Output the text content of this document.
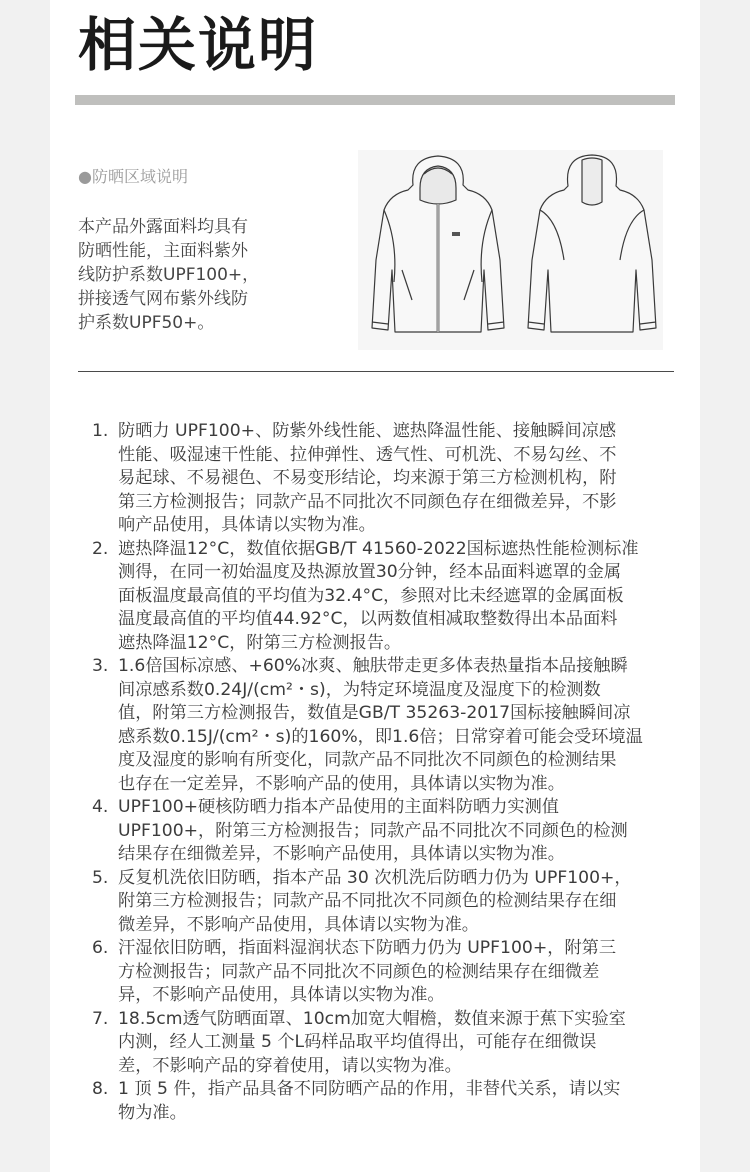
相关说明
●防晒区域说明
本产品外露面料均具有
防晒性能，主面料紫外
线防护系数UPF100+，
拼接透气网布紫外线防
护系数UPF50+。
1. 防晒力 UPF100+、防紫外线性能、遮热降温性能、接触瞬间凉感
性能、吸湿速干性能、拉伸弹性、透气性、可机洗、不易勾丝、不
易起球、不易褪色、不易变形结论，均来源于第三方检测机构，附
第三方检测报告；同款产品不同批次不同颜色存在细微差异，不影
响产品使用，具体请以实物为准。
2. 遮热降温12°C，数值依据GB/T 41560-2022国标遮热性能检测标准
测得，在同一初始温度及热源放置30分钟，经本品面料遮罩的金属
面板温度最高值的平均值为32.4°C，参照对比未经遮罩的金属面板
温度最高值的平均值44.92°C，以两数值相减取整数得出本品面料
遮热降温12°C，附第三方检测报告。
3. 1.6倍国标凉感、+60%冰爽、触肤带走更多体表热量指本品接触瞬
间凉感系数0.24J/(cm²・s)，为特定环境温度及湿度下的检测数
值，附第三方检测报告，数值是GB/T 35263-2017国标接触瞬间凉
感系数0.15J/(cm²・s)的160%，即1.6倍；日常穿着可能会受环境温
度及湿度的影响有所变化，同款产品不同批次不同颜色的检测结果
也存在一定差异，不影响产品的使用，具体请以实物为准。
4. UPF100+硬核防晒力指本产品使用的主面料防晒力实测值
UPF100+，附第三方检测报告；同款产品不同批次不同颜色的检测
结果存在细微差异，不影响产品使用，具体请以实物为准。
5. 反复机洗依旧防晒，指本产品 30 次机洗后防晒力仍为 UPF100+，
附第三方检测报告；同款产品不同批次不同颜色的检测结果存在细
微差异，不影响产品使用，具体请以实物为准。
6. 汗湿依旧防晒，指面料湿润状态下防晒力仍为 UPF100+，附第三
方检测报告；同款产品不同批次不同颜色的检测结果存在细微差
异，不影响产品使用，具体请以实物为准。
7. 18.5cm透气防晒面罩、10cm加宽大帽檐，数值来源于蕉下实验室
内测，经人工测量 5 个L码样品取平均值得出，可能存在细微误
差，不影响产品的穿着使用，请以实物为准。
8. 1 顶 5 件，指产品具备不同防晒产品的作用，非替代关系，请以实
物为准。
